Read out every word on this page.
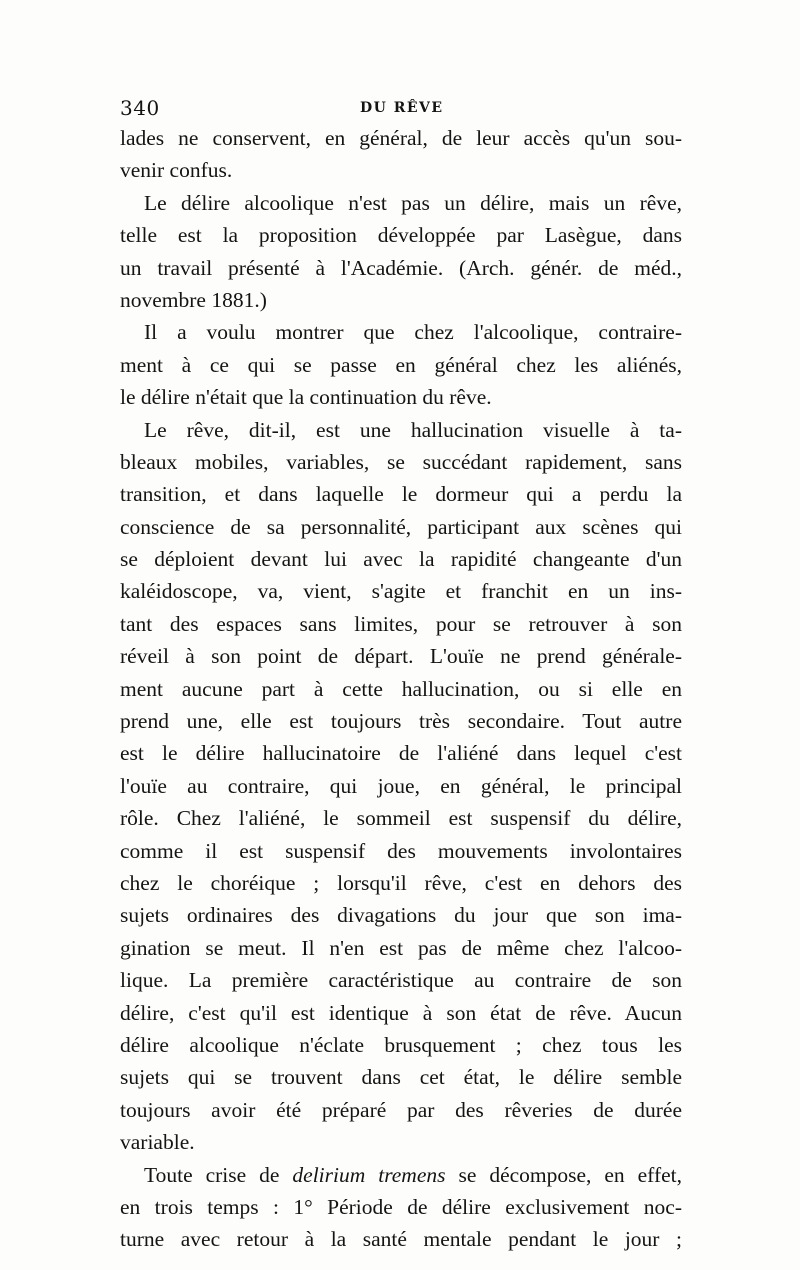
340	DU RÊVE
lades ne conservent, en général, de leur accès qu'un sou-
venir confus.
Le délire alcoolique n'est pas un délire, mais un rêve,
telle est la proposition développée par Lasègue, dans
un travail présenté à l'Académie. (Arch. génér. de méd.,
novembre 1881.)
Il a voulu montrer que chez l'alcoolique, contraire-
ment à ce qui se passe en général chez les aliénés,
le délire n'était que la continuation du rêve.
Le rêve, dit-il, est une hallucination visuelle à ta-
bleaux mobiles, variables, se succédant rapidement, sans
transition, et dans laquelle le dormeur qui a perdu la
conscience de sa personnalité, participant aux scènes qui
se déploient devant lui avec la rapidité changeante d'un
kaléidoscope, va, vient, s'agite et franchit en un ins-
tant des espaces sans limites, pour se retrouver à son
réveil à son point de départ. L'ouïe ne prend générale-
ment aucune part à cette hallucination, ou si elle en
prend une, elle est toujours très secondaire. Tout autre
est le délire hallucinatoire de l'aliéné dans lequel c'est
l'ouïe au contraire, qui joue, en général, le principal
rôle. Chez l'aliéné, le sommeil est suspensif du délire,
comme il est suspensif des mouvements involontaires
chez le choréique ; lorsqu'il rêve, c'est en dehors des
sujets ordinaires des divagations du jour que son ima-
gination se meut. Il n'en est pas de même chez l'alcoo-
lique. La première caractéristique au contraire de son
délire, c'est qu'il est identique à son état de rêve. Aucun
délire alcoolique n'éclate brusquement ; chez tous les
sujets qui se trouvent dans cet état, le délire semble
toujours avoir été préparé par des rêveries de durée
variable.
Toute crise de delirium tremens se décompose, en effet,
en trois temps : 1° Période de délire exclusivement noc-
turne avec retour à la santé mentale pendant le jour ;
